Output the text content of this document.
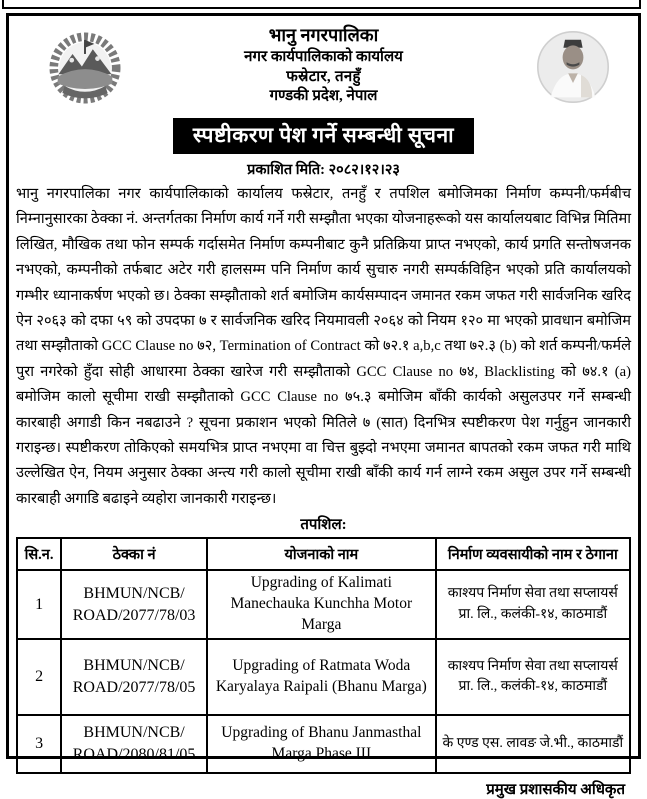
भानु नगरपालिका
नगर कार्यपालिकाको कार्यालय
फस्रेटार, तनहुँ
गण्डकी प्रदेश, नेपाल
स्पष्टीकरण पेश गर्ने सम्बन्धी सूचना
प्रकाशित मिति: २०८२।१२।२३
भानु नगरपालिका नगर कार्यपालिकाको कार्यालय फस्रेटार, तनहुँ र तपशिल बमोजिमका निर्माण कम्पनी/फर्मबीच निम्नानुसारका ठेक्का नं. अन्तर्गतका निर्माण कार्य गर्ने गरी सम्झौता भएका योजनाहरूको यस कार्यालयबाट विभिन्न मितिमा लिखित, मौखिक तथा फोन सम्पर्क गर्दासमेत निर्माण कम्पनीबाट कुनै प्रतिक्रिया प्राप्त नभएको, कार्य प्रगति सन्तोषजनक नभएको, कम्पनीको तर्फबाट अटेर गरी हालसम्म पनि निर्माण कार्य सुचारु नगरी सम्पर्कविहिन भएको प्रति कार्यालयको गम्भीर ध्यानाकर्षण भएको छ। ठेक्का सम्झौताको शर्त बमोजिम कार्यसम्पादन जमानत रकम जफत गरी सार्वजनिक खरिद ऐन २०६३ को दफा ५९ को उपदफा ७ र सार्वजनिक खरिद नियमावली २०६४ को नियम १२० मा भएको प्रावधान बमोजिम तथा सम्झौताको GCC Clause no ७२, Termination of Contract को ७२.१ a,b,c तथा ७२.३ (b) को शर्त कम्पनी/फर्मले पुरा नगरेको हुँदा सोही आधारमा ठेक्का खारेज गरी सम्झौताको GCC Clause no ७४, Blacklisting को ७४.१ (a) बमोजिम कालो सूचीमा राखी सम्झौताको GCC Clause no ७५.३ बमोजिम बाँकी कार्यको असुलउपर गर्ने सम्बन्धी कारबाही अगाडी किन नबढाउने ? सूचना प्रकाशन भएको मितिले ७ (सात) दिनभित्र स्पष्टीकरण पेश गर्नुहुन जानकारी गराइन्छ। स्पष्टीकरण तोकिएको समयभित्र प्राप्त नभएमा वा चित्त बुझ्दो नभएमा जमानत बापतको रकम जफत गरी माथि उल्लेखित ऐन, नियम अनुसार ठेक्का अन्त्य गरी कालो सूचीमा राखी बाँकी कार्य गर्न लाग्ने रकम असुल उपर गर्ने सम्बन्धी कारबाही अगाडि बढाइने व्यहोरा जानकारी गराइन्छ।
तपशिल:
सि.न.	ठेक्का नं	योजनाको नाम	निर्माण व्यवसायीको नाम र ठेगाना
1	BHMUN/NCB/
ROAD/2077/78/03	Upgrading of Kalimati Manechauka Kunchha Motor Marga	काश्यप निर्माण सेवा तथा सप्लायर्स प्रा. लि., कलंकी-१४, काठमाडौं
2	BHMUN/NCB/
ROAD/2077/78/05	Upgrading of Ratmata Woda Karyalaya Raipali (Bhanu Marga)	काश्यप निर्माण सेवा तथा सप्लायर्स प्रा. लि., कलंकी-१४, काठमाडौं
3	BHMUN/NCB/
ROAD/2080/81/05	Upgrading of Bhanu Janmasthal Marga Phase III	के एण्ड एस. लावङ जे.भी., काठमाडौं
प्रमुख प्रशासकीय अधिकृत
